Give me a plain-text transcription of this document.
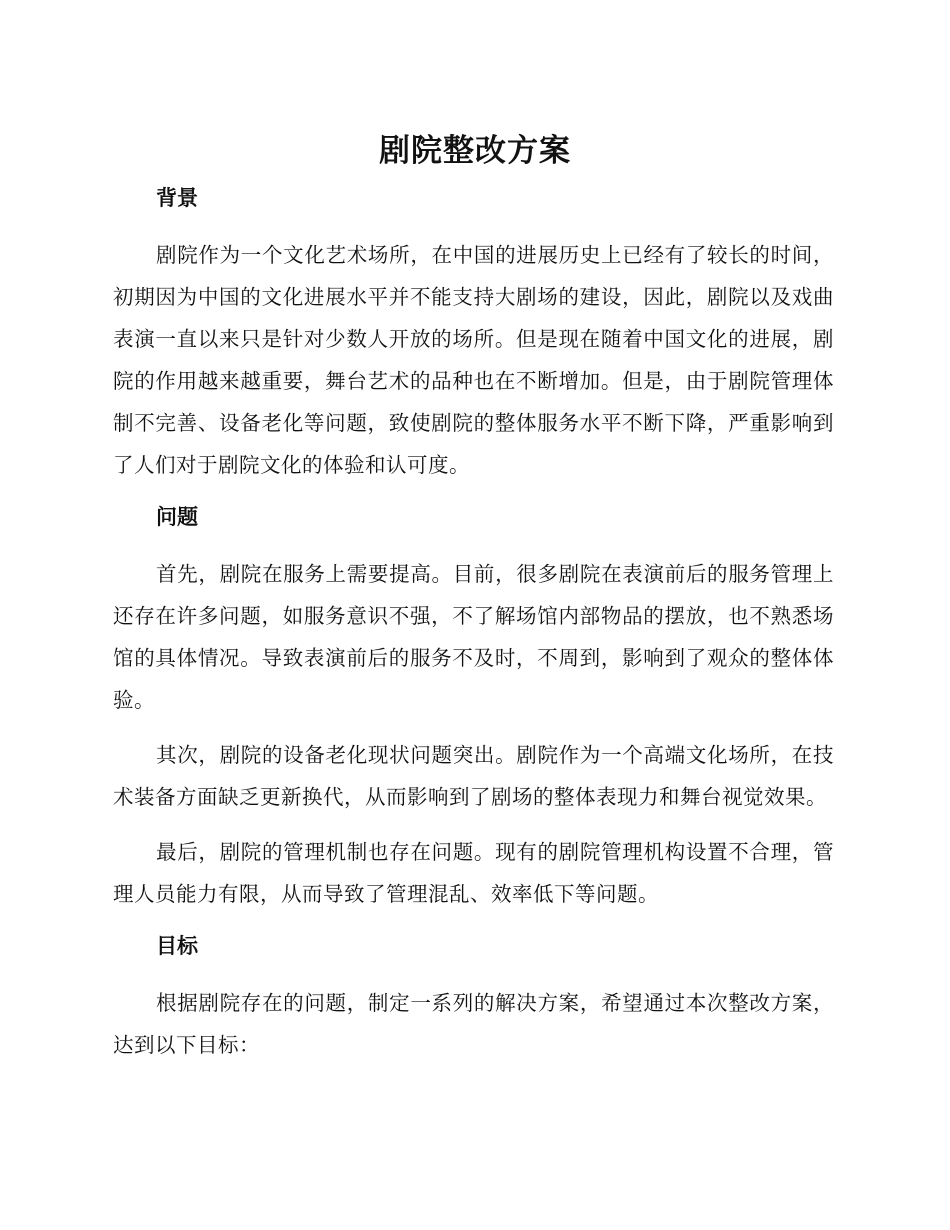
剧院整改方案
背景

剧院作为一个文化艺术场所，在中国的进展历史上已经有了较长的时间，初期因为中国的文化进展水平并不能支持大剧场的建设，因此，剧院以及戏曲表演一直以来只是针对少数人开放的场所。但是现在随着中国文化的进展，剧院的作用越来越重要，舞台艺术的品种也在不断增加。但是，由于剧院管理体制不完善、设备老化等问题，致使剧院的整体服务水平不断下降，严重影响到了人们对于剧院文化的体验和认可度。

问题

首先，剧院在服务上需要提高。目前，很多剧院在表演前后的服务管理上还存在许多问题，如服务意识不强，不了解场馆内部物品的摆放，也不熟悉场馆的具体情况。导致表演前后的服务不及时，不周到，影响到了观众的整体体验。

其次，剧院的设备老化现状问题突出。剧院作为一个高端文化场所，在技术装备方面缺乏更新换代，从而影响到了剧场的整体表现力和舞台视觉效果。

最后，剧院的管理机制也存在问题。现有的剧院管理机构设置不合理，管理人员能力有限，从而导致了管理混乱、效率低下等问题。

目标

根据剧院存在的问题，制定一系列的解决方案，希望通过本次整改方案，达到以下目标：
